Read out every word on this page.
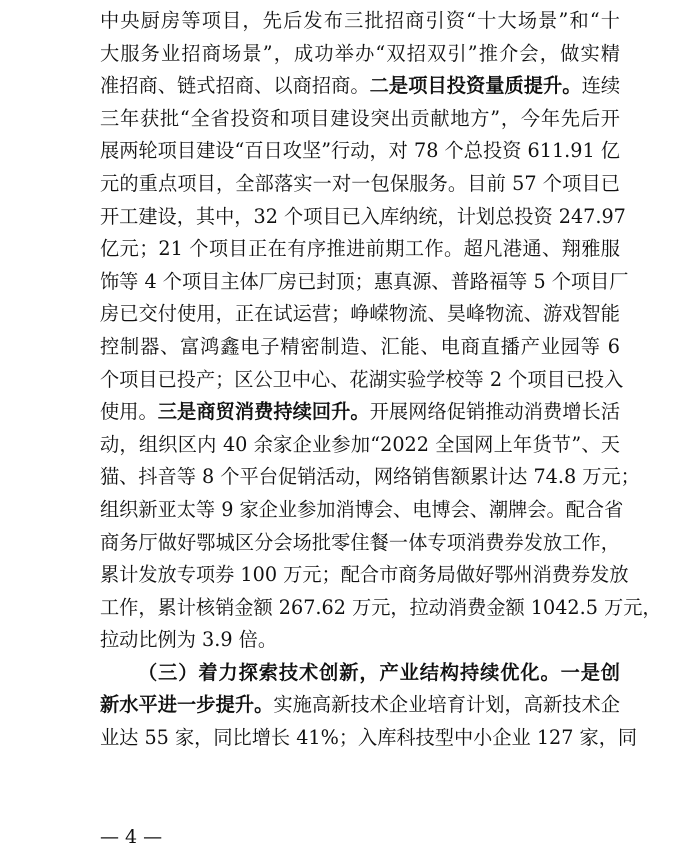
中央厨房等项目，先后发布三批招商引资“十大场景”和“十
大服务业招商场景”，成功举办“双招双引”推介会，做实精
准招商、链式招商、以商招商。二是项目投资量质提升。连续
三年获批“全省投资和项目建设突出贡献地方”，今年先后开
展两轮项目建设“百日攻坚”行动，对 78 个总投资 611.91 亿
元的重点项目，全部落实一对一包保服务。目前 57 个项目已
开工建设，其中，32 个项目已入库纳统，计划总投资 247.97
亿元；21 个项目正在有序推进前期工作。超凡港通、翔雅服
饰等 4 个项目主体厂房已封顶；惠真源、普路福等 5 个项目厂
房已交付使用，正在试运营；峥嵘物流、昊峰物流、游戏智能
控制器、富鸿鑫电子精密制造、汇能、电商直播产业园等 6
个项目已投产；区公卫中心、花湖实验学校等 2 个项目已投入
使用。三是商贸消费持续回升。开展网络促销推动消费增长活
动，组织区内 40 余家企业参加“2022 全国网上年货节”、天
猫、抖音等 8 个平台促销活动，网络销售额累计达 74.8 万元；
组织新亚太等 9 家企业参加消博会、电博会、潮牌会。配合省
商务厅做好鄂城区分会场批零住餐一体专项消费券发放工作，
累计发放专项券 100 万元；配合市商务局做好鄂州消费券发放
工作，累计核销金额 267.62 万元，拉动消费金额 1042.5 万元，
拉动比例为 3.9 倍。
（三）着力探索技术创新，产业结构持续优化。一是创
新水平进一步提升。实施高新技术企业培育计划，高新技术企
业达 55 家，同比增长 41%；入库科技型中小企业 127 家，同
— 4 —
